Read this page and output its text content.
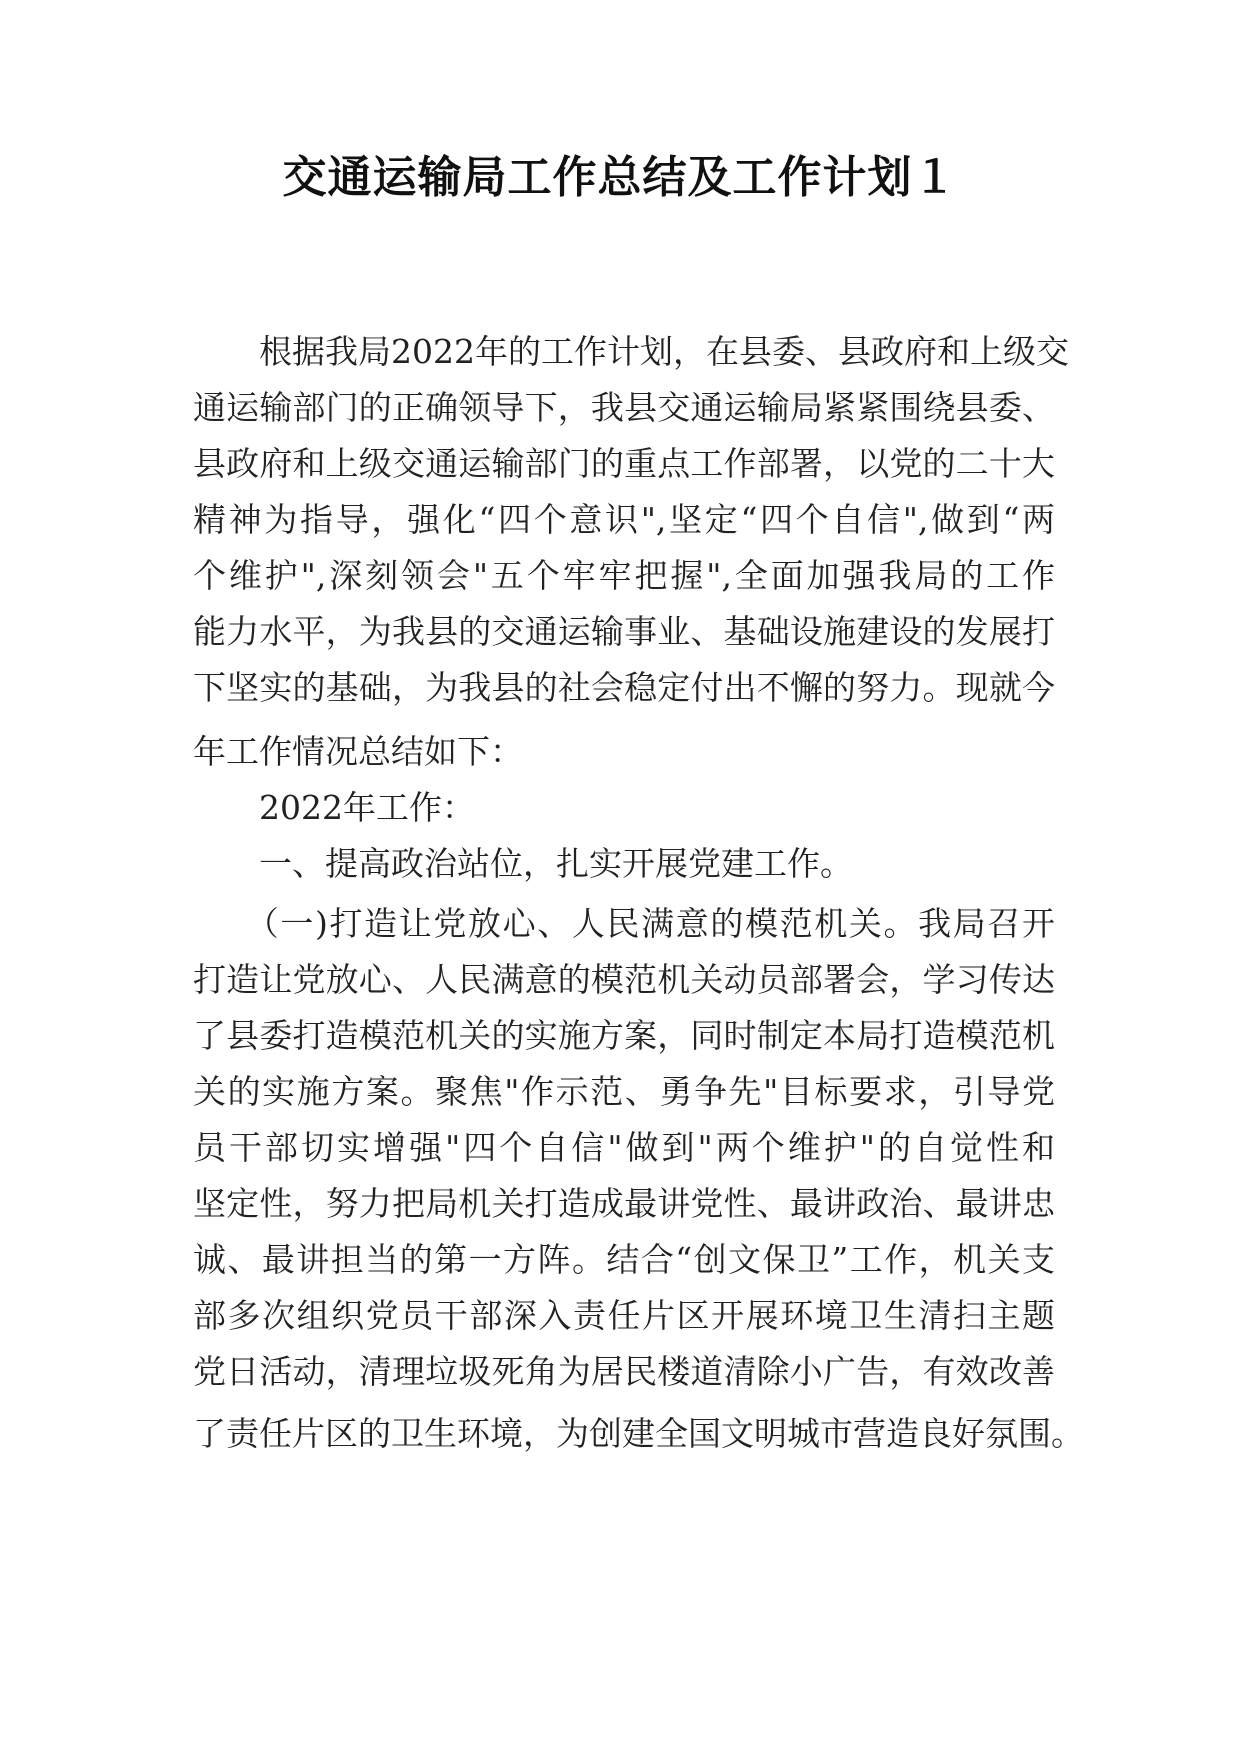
交通运输局工作总结及工作计划１
　　根据我局2022年的工作计划，在县委、县政府和上级交
通运输部门的正确领导下，我县交通运输局紧紧围绕县委、
县政府和上级交通运输部门的重点工作部署，以党的二十大
精神为指导，强化“四个意识",坚定“四个自信",做到“两
个维护",深刻领会"五个牢牢把握",全面加强我局的工作
能力水平，为我县的交通运输事业、基础设施建设的发展打
下坚实的基础，为我县的社会稳定付出不懈的努力。现就今
年工作情况总结如下：
　　2022年工作：
　　一、提高政治站位，扎实开展党建工作。
　　（一)打造让党放心、人民满意的模范机关。我局召开
打造让党放心、人民满意的模范机关动员部署会，学习传达
了县委打造模范机关的实施方案，同时制定本局打造模范机
关的实施方案。聚焦"作示范、勇争先"目标要求，引导党
员干部切实增强"四个自信"做到"两个维护"的自觉性和
坚定性，努力把局机关打造成最讲党性、最讲政治、最讲忠
诚、最讲担当的第一方阵。结合“创文保卫”工作，机关支
部多次组织党员干部深入责任片区开展环境卫生清扫主题
党日活动，清理垃圾死角为居民楼道清除小广告，有效改善
了责任片区的卫生环境，为创建全国文明城市营造良好氛围。
